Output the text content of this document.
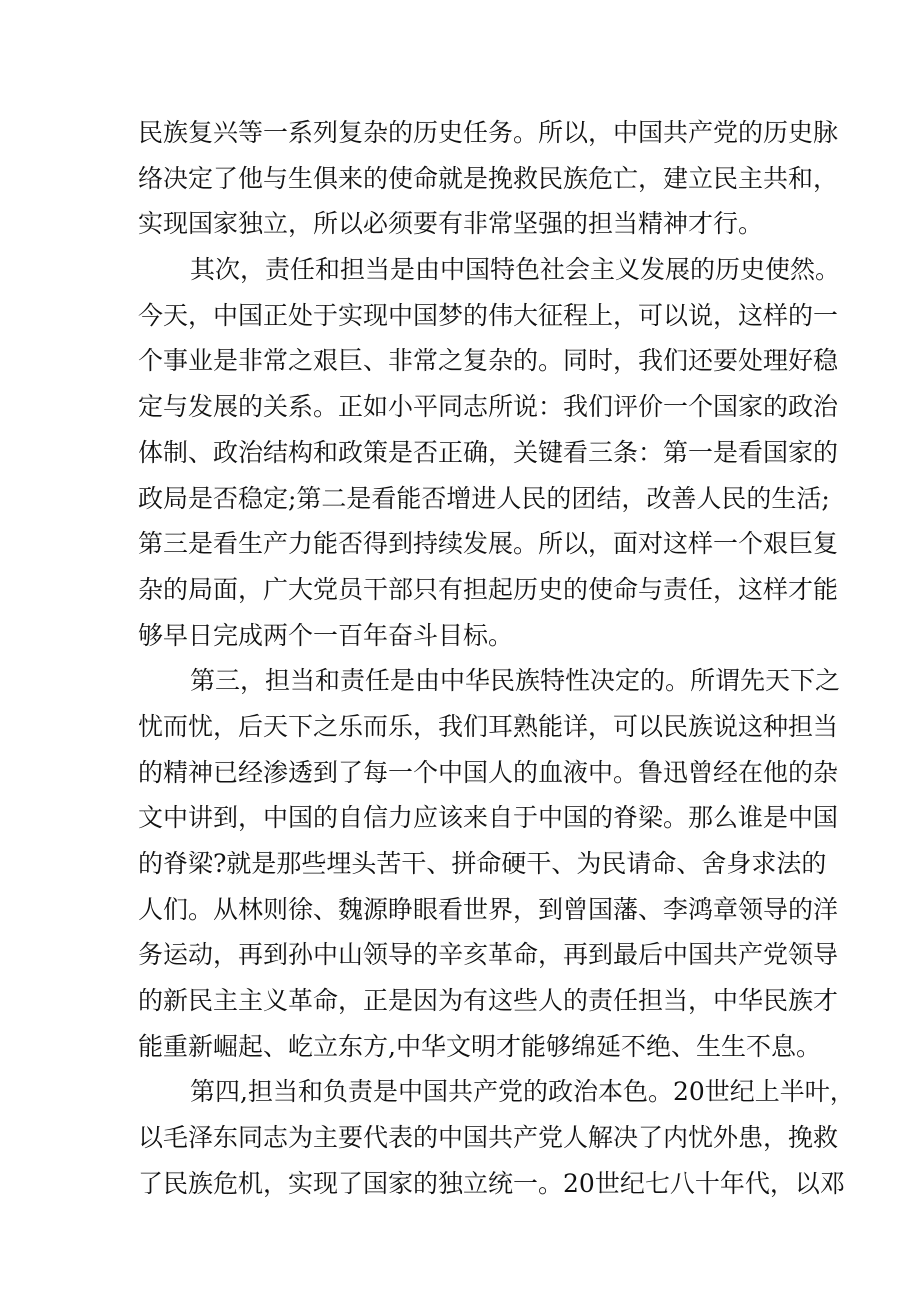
民族复兴等一系列复杂的历史任务。所以，中国共产党的历史脉
络决定了他与生俱来的使命就是挽救民族危亡，建立民主共和，
实现国家独立，所以必须要有非常坚强的担当精神才行。
其次，责任和担当是由中国特色社会主义发展的历史使然。
今天，中国正处于实现中国梦的伟大征程上，可以说，这样的一
个事业是非常之艰巨、非常之复杂的。同时，我们还要处理好稳
定与发展的关系。正如小平同志所说：我们评价一个国家的政治
体制、政治结构和政策是否正确，关键看三条：第一是看国家的
政局是否稳定;第二是看能否增进人民的团结，改善人民的生活;
第三是看生产力能否得到持续发展。所以，面对这样一个艰巨复
杂的局面，广大党员干部只有担起历史的使命与责任，这样才能
够早日完成两个一百年奋斗目标。
第三，担当和责任是由中华民族特性决定的。所谓先天下之
忧而忧，后天下之乐而乐，我们耳熟能详，可以民族说这种担当
的精神已经渗透到了每一个中国人的血液中。鲁迅曾经在他的杂
文中讲到，中国的自信力应该来自于中国的脊梁。那么谁是中国
的脊梁?就是那些埋头苦干、拼命硬干、为民请命、舍身求法的
人们。从林则徐、魏源睁眼看世界，到曾国藩、李鸿章领导的洋
务运动，再到孙中山领导的辛亥革命，再到最后中国共产党领导
的新民主主义革命，正是因为有这些人的责任担当，中华民族才
能重新崛起、屹立东方,中华文明才能够绵延不绝、生生不息。
第四,担当和负责是中国共产党的政治本色。20世纪上半叶，
以毛泽东同志为主要代表的中国共产党人解决了内忧外患，挽救
了民族危机，实现了国家的独立统一。20世纪七八十年代，以邓
